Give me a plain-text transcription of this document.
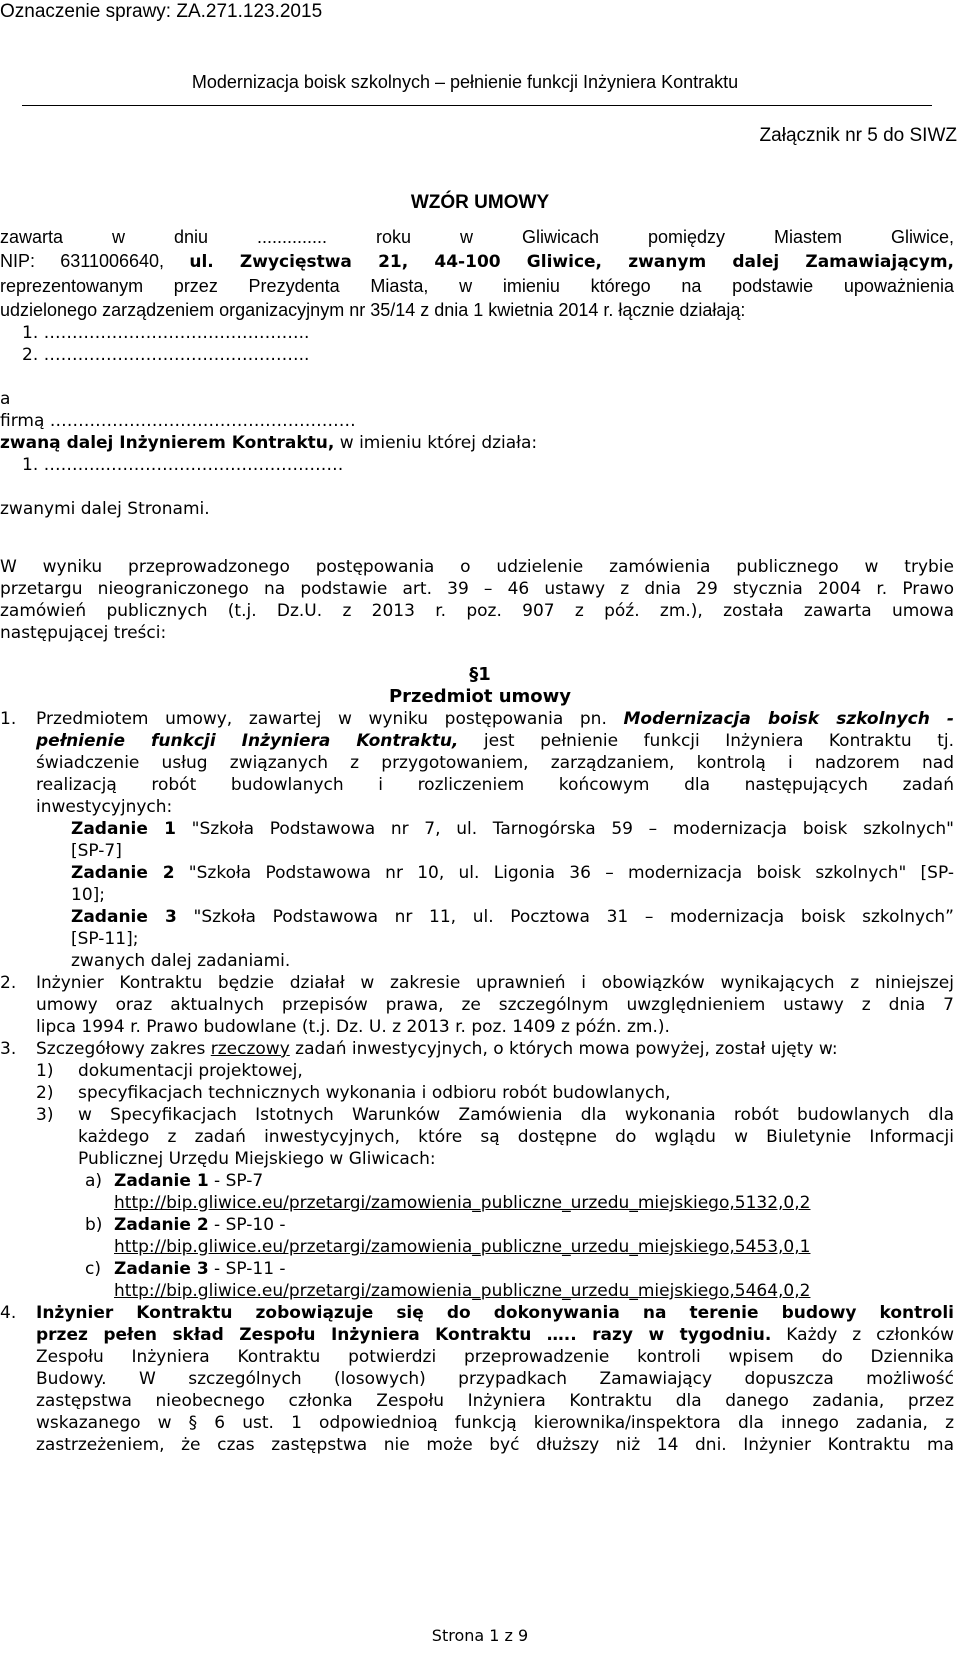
Oznaczenie sprawy: ZA.271.123.2015
Modernizacja boisk szkolnych – pełnienie funkcji Inżyniera Kontraktu
Załącznik nr 5 do SIWZ
WZÓR UMOWY
zawarta w dniu .............. roku w Gliwicach pomiędzy Miastem Gliwice,
NIP: 6311006640, ul. Zwycięstwa 21, 44-100 Gliwice, zwanym dalej Zamawiającym,
reprezentowanym przez Prezydenta Miasta, w imieniu którego na podstawie upoważnienia
udzielonego zarządzeniem organizacyjnym nr 35/14 z dnia 1 kwietnia 2014 r. łącznie działają:
1. ………………………………………..
2. ………………………………………..
a
firmą ………………………………………………
zwaną dalej Inżynierem Kontraktu, w imieniu której działa:
1. ………..……………………………………
zwanymi dalej Stronami.
W wyniku przeprowadzonego postępowania o udzielenie zamówienia publicznego w trybie
przetargu nieograniczonego na podstawie art. 39 – 46 ustawy z dnia 29 stycznia 2004 r. Prawo
zamówień publicznych (t.j. Dz.U. z 2013 r. poz. 907 z póź. zm.), została zawarta umowa
następującej treści:
§1
Przedmiot umowy
1. Przedmiotem umowy, zawartej w wyniku postępowania pn. Modernizacja boisk szkolnych -
pełnienie funkcji Inżyniera Kontraktu, jest pełnienie funkcji Inżyniera Kontraktu tj.
świadczenie usług związanych z przygotowaniem, zarządzaniem, kontrolą i nadzorem nad
realizacją robót budowlanych i rozliczeniem końcowym dla następujących zadań
inwestycyjnych:
Zadanie 1 "Szkoła Podstawowa nr 7, ul. Tarnogórska 59 – modernizacja boisk szkolnych"
[SP-7]
Zadanie 2 "Szkoła Podstawowa nr 10, ul. Ligonia 36 – modernizacja boisk szkolnych" [SP-
10];
Zadanie 3 "Szkoła Podstawowa nr 11, ul. Pocztowa 31 – modernizacja boisk szkolnych”
[SP-11];
zwanych dalej zadaniami.
2. Inżynier Kontraktu będzie działał w zakresie uprawnień i obowiązków wynikających z niniejszej
umowy oraz aktualnych przepisów prawa, ze szczególnym uwzględnieniem ustawy z dnia 7
lipca 1994 r. Prawo budowlane (t.j. Dz. U. z 2013 r. poz. 1409 z późn. zm.).
3. Szczegółowy zakres rzeczowy zadań inwestycyjnych, o których mowa powyżej, został ujęty w:
1) dokumentacji projektowej,
2) specyfikacjach technicznych wykonania i odbioru robót budowlanych,
3) w Specyfikacjach Istotnych Warunków Zamówienia dla wykonania robót budowlanych dla
każdego z zadań inwestycyjnych, które są dostępne do wglądu w Biuletynie Informacji
Publicznej Urzędu Miejskiego w Gliwicach:
a) Zadanie 1 - SP-7
http://bip.gliwice.eu/przetargi/zamowienia_publiczne_urzedu_miejskiego,5132,0,2
b) Zadanie 2 - SP-10 -
http://bip.gliwice.eu/przetargi/zamowienia_publiczne_urzedu_miejskiego,5453,0,1
c) Zadanie 3 - SP-11 -
http://bip.gliwice.eu/przetargi/zamowienia_publiczne_urzedu_miejskiego,5464,0,2
4. Inżynier Kontraktu zobowiązuje się do dokonywania na terenie budowy kontroli
przez pełen skład Zespołu Inżyniera Kontraktu ….. razy w tygodniu. Każdy z członków
Zespołu Inżyniera Kontraktu potwierdzi przeprowadzenie kontroli wpisem do Dziennika
Budowy. W szczególnych (losowych) przypadkach Zamawiający dopuszcza możliwość
zastępstwa nieobecnego członka Zespołu Inżyniera Kontraktu dla danego zadania, przez
wskazanego w § 6 ust. 1 odpowiednioą funkcją kierownika/inspektora dla innego zadania, z
zastrzeżeniem, że czas zastępstwa nie może być dłuższy niż 14 dni. Inżynier Kontraktu ma
Strona 1 z 9
